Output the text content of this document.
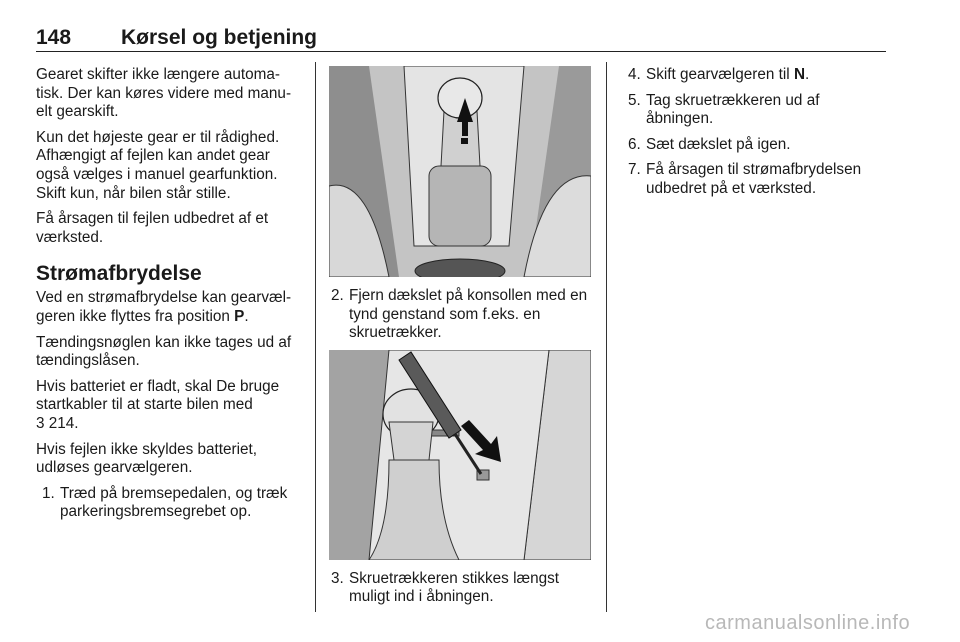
148 Kørsel og betjening

Gearet skifter ikke længere automatisk. Der kan køres videre med manuelt gearskift.

Kun det højeste gear er til rådighed. Afhængigt af fejlen kan andet gear også vælges i manuel gearfunktion. Skift kun, når bilen står stille.

Få årsagen til fejlen udbedret af et værksted.

Strømafbrydelse

Ved en strømafbrydelse kan gearvælgeren ikke flyttes fra position P.

Tændingsnøglen kan ikke tages ud af tændingslåsen.

Hvis batteriet er fladt, skal De bruge startkabler til at starte bilen med
3 214.

Hvis fejlen ikke skyldes batteriet, udløses gearvælgeren.

1. Træd på bremsepedalen, og træk parkeringsbremsegrebet op.
2. Fjern dækslet på konsollen med en tynd genstand som f.eks. en skruetrækker.
3. Skruetrækkeren stikkes længst muligt ind i åbningen.
4. Skift gearvælgeren til N.
5. Tag skruetrækkeren ud af åbningen.
6. Sæt dækslet på igen.
7. Få årsagen til strømafbrydelsen udbedret på et værksted.
carmanualsonline.info
